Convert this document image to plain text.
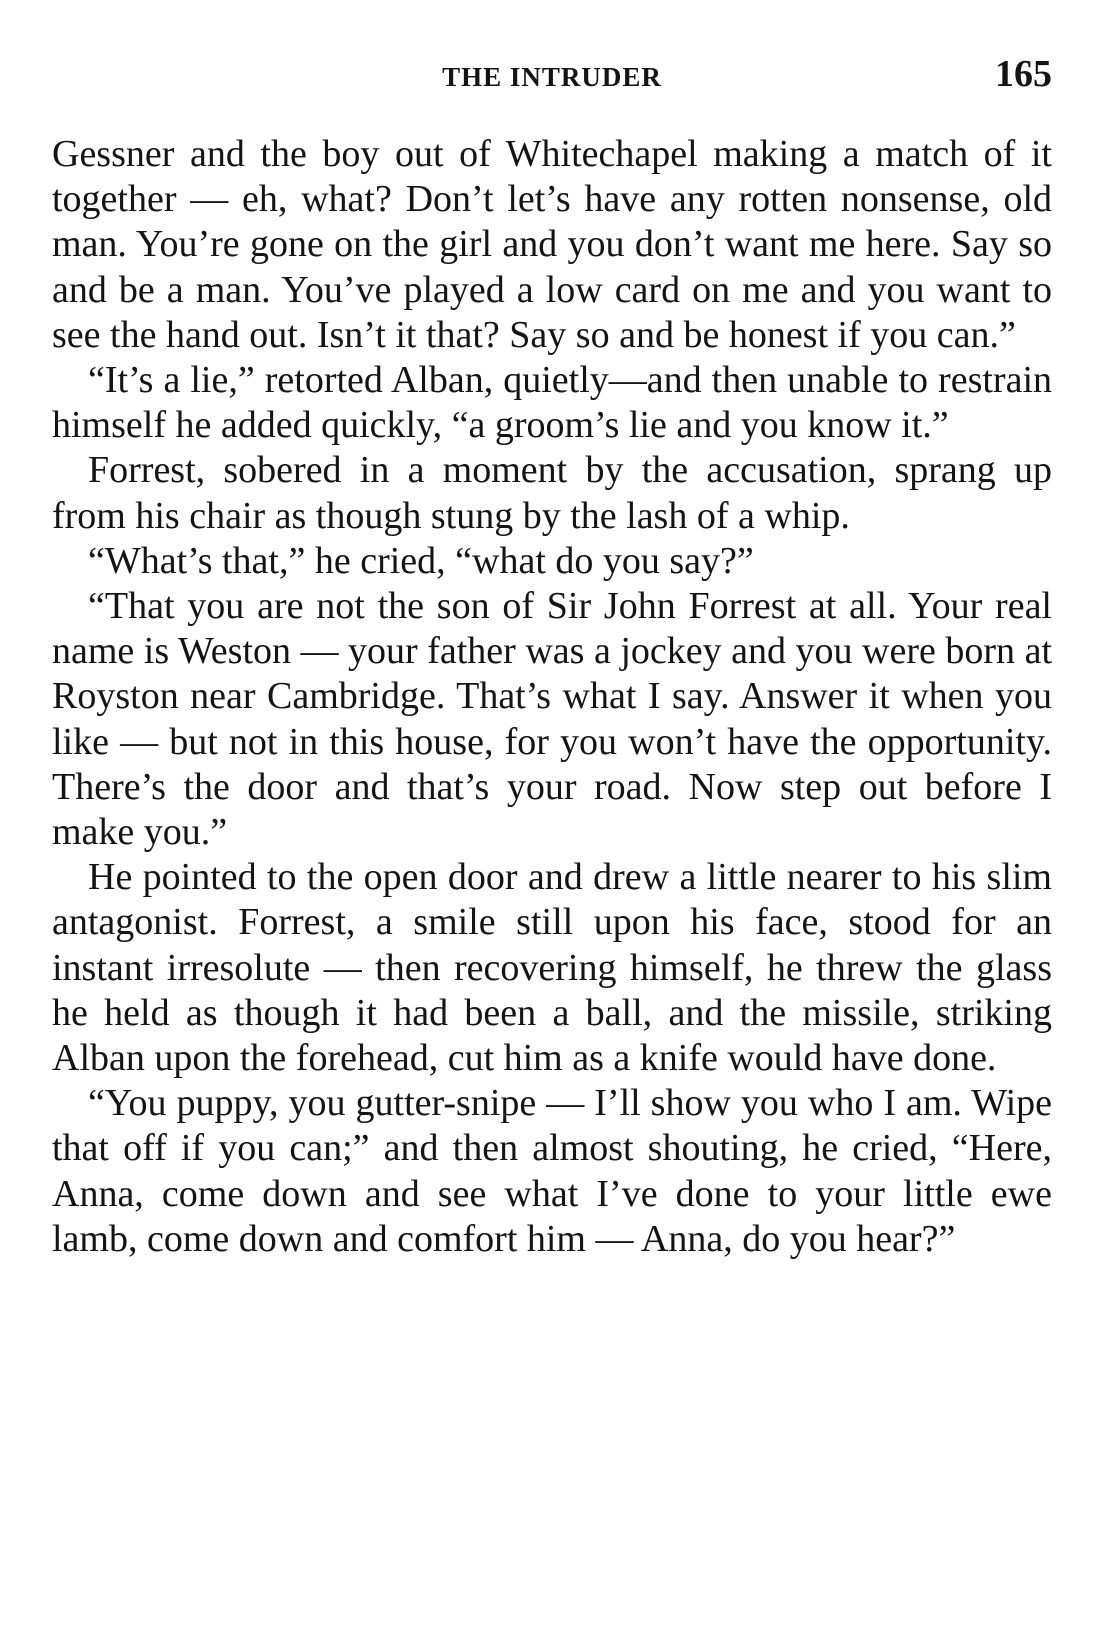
THE INTRUDER	165

Gessner and the boy out of Whitechapel making a match of it together — eh, what? Don’t let’s have any rotten nonsense, old man. You’re gone on the girl and you don’t want me here. Say so and be a man. You’ve played a low card on me and you want to see the hand out. Isn’t it that? Say so and be honest if you can.”

“It’s a lie,” retorted Alban, quietly—and then unable to restrain himself he added quickly, “a groom’s lie and you know it.”

Forrest, sobered in a moment by the accusation, sprang up from his chair as though stung by the lash of a whip.

“What’s that,” he cried, “what do you say?”

“That you are not the son of Sir John Forrest at all. Your real name is Weston — your father was a jockey and you were born at Royston near Cambridge. That’s what I say. Answer it when you like — but not in this house, for you won’t have the opportunity. There’s the door and that’s your road. Now step out before I make you.”

He pointed to the open door and drew a little nearer to his slim antagonist. Forrest, a smile still upon his face, stood for an instant irresolute — then recovering himself, he threw the glass he held as though it had been a ball, and the missile, striking Alban upon the forehead, cut him as a knife would have done.

“You puppy, you gutter-snipe — I’ll show you who I am. Wipe that off if you can;” and then almost shouting, he cried, “Here, Anna, come down and see what I’ve done to your little ewe lamb, come down and comfort him — Anna, do you hear?”
